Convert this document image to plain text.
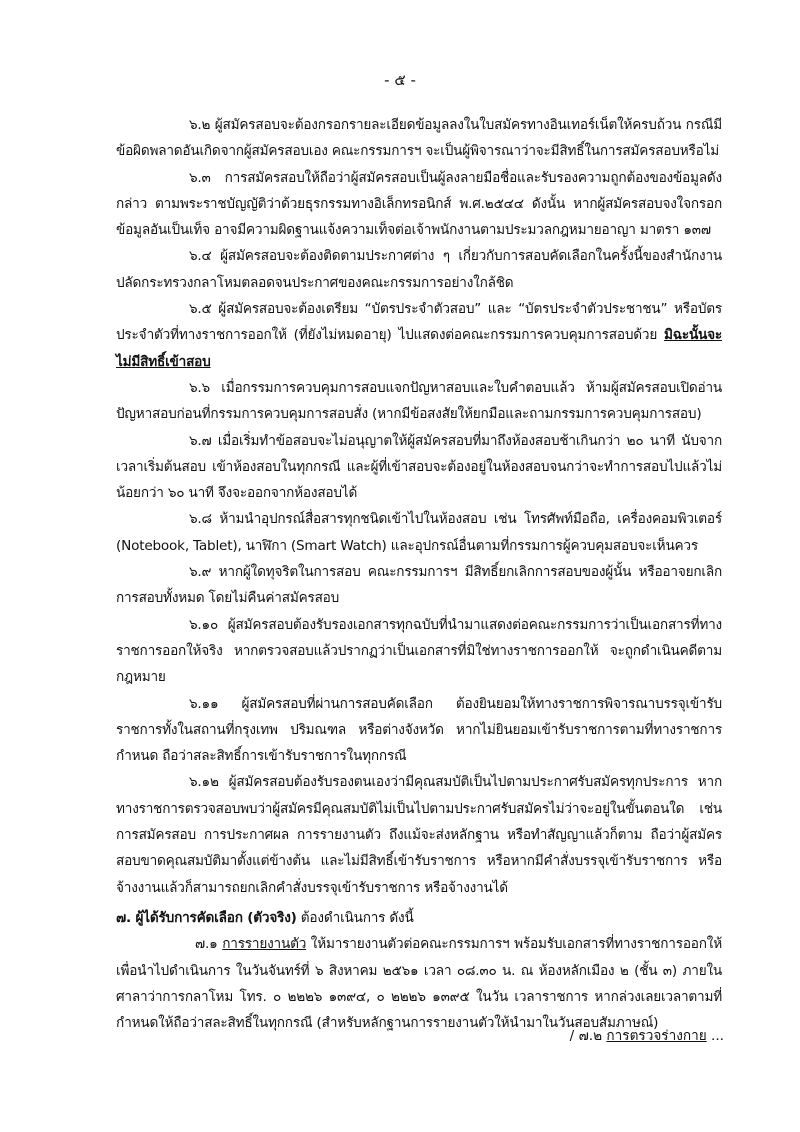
- ๕ -

๖.๒ ผู้สมัครสอบจะต้องกรอกรายละเอียดข้อมูลลงในใบสมัครทางอินเทอร์เน็ตให้ครบถ้วน กรณีมีข้อผิดพลาดอันเกิดจากผู้สมัครสอบเอง คณะกรรมการฯ จะเป็นผู้พิจารณาว่าจะมีสิทธิ์ในการสมัครสอบหรือไม่

๖.๓ การสมัครสอบให้ถือว่าผู้สมัครสอบเป็นผู้ลงลายมือชื่อและรับรองความถูกต้องของข้อมูลดังกล่าว ตามพระราชบัญญัติว่าด้วยธุรกรรมทางอิเล็กทรอนิกส์ พ.ศ.๒๕๔๔ ดังนั้น หากผู้สมัครสอบจงใจกรอกข้อมูลอันเป็นเท็จ อาจมีความผิดฐานแจ้งความเท็จต่อเจ้าพนักงานตามประมวลกฎหมายอาญา มาตรา ๑๓๗

๖.๔ ผู้สมัครสอบจะต้องติดตามประกาศต่าง ๆ เกี่ยวกับการสอบคัดเลือกในครั้งนี้ของสำนักงานปลัดกระทรวงกลาโหมตลอดจนประกาศของคณะกรรมการอย่างใกล้ชิด

๖.๕ ผู้สมัครสอบจะต้องเตรียม “บัตรประจำตัวสอบ” และ “บัตรประจำตัวประชาชน” หรือบัตรประจำตัวที่ทางราชการออกให้ (ที่ยังไม่หมดอายุ) ไปแสดงต่อคณะกรรมการควบคุมการสอบด้วย มิฉะนั้นจะไม่มีสิทธิ์เข้าสอบ

๖.๖ เมื่อกรรมการควบคุมการสอบแจกปัญหาสอบและใบคำตอบแล้ว ห้ามผู้สมัครสอบเปิดอ่านปัญหาสอบก่อนที่กรรมการควบคุมการสอบสั่ง (หากมีข้อสงสัยให้ยกมือและถามกรรมการควบคุมการสอบ)

๖.๗ เมื่อเริ่มทำข้อสอบจะไม่อนุญาตให้ผู้สมัครสอบที่มาถึงห้องสอบช้าเกินกว่า ๒๐ นาที นับจากเวลาเริ่มต้นสอบ เข้าห้องสอบในทุกกรณี และผู้ที่เข้าสอบจะต้องอยู่ในห้องสอบจนกว่าจะทำการสอบไปแล้วไม่น้อยกว่า ๖๐ นาที จึงจะออกจากห้องสอบได้

๖.๘ ห้ามนำอุปกรณ์สื่อสารทุกชนิดเข้าไปในห้องสอบ เช่น โทรศัพท์มือถือ, เครื่องคอมพิวเตอร์ (Notebook, Tablet), นาฬิกา (Smart Watch) และอุปกรณ์อื่นตามที่กรรมการผู้ควบคุมสอบจะเห็นควร

๖.๙ หากผู้ใดทุจริตในการสอบ คณะกรรมการฯ มีสิทธิ์ยกเลิกการสอบของผู้นั้น หรืออาจยกเลิกการสอบทั้งหมด โดยไม่คืนค่าสมัครสอบ

๖.๑๐ ผู้สมัครสอบต้องรับรองเอกสารทุกฉบับที่นำมาแสดงต่อคณะกรรมการว่าเป็นเอกสารที่ทางราชการออกให้จริง หากตรวจสอบแล้วปรากฏว่าเป็นเอกสารที่มิใช่ทางราชการออกให้ จะถูกดำเนินคดีตามกฎหมาย

๖.๑๑ ผู้สมัครสอบที่ผ่านการสอบคัดเลือก ต้องยินยอมให้ทางราชการพิจารณาบรรจุเข้ารับราชการทั้งในสถานที่กรุงเทพ ปริมณฑล หรือต่างจังหวัด หากไม่ยินยอมเข้ารับราชการตามที่ทางราชการกำหนด ถือว่าสละสิทธิ์การเข้ารับราชการในทุกกรณี

๖.๑๒ ผู้สมัครสอบต้องรับรองตนเองว่ามีคุณสมบัติเป็นไปตามประกาศรับสมัครทุกประการ หากทางราชการตรวจสอบพบว่าผู้สมัครมีคุณสมบัติไม่เป็นไปตามประกาศรับสมัครไม่ว่าจะอยู่ในขั้นตอนใด เช่น การสมัครสอบ การประกาศผล การรายงานตัว ถึงแม้จะส่งหลักฐาน หรือทำสัญญาแล้วก็ตาม ถือว่าผู้สมัครสอบขาดคุณสมบัติมาตั้งแต่ข้างต้น และไม่มีสิทธิ์เข้ารับราชการ หรือหากมีคำสั่งบรรจุเข้ารับราชการ หรือจ้างงานแล้วก็สามารถยกเลิกคำสั่งบรรจุเข้ารับราชการ หรือจ้างงานได้

๗. ผู้ได้รับการคัดเลือก (ตัวจริง) ต้องดำเนินการ ดังนี้

๗.๑ การรายงานตัว ให้มารายงานตัวต่อคณะกรรมการฯ พร้อมรับเอกสารที่ทางราชการออกให้เพื่อนำไปดำเนินการ ในวันจันทร์ที่ ๖ สิงหาคม ๒๕๖๑ เวลา ๐๘.๓๐ น. ณ ห้องหลักเมือง ๒ (ชั้น ๓) ภายในศาลาว่าการกลาโหม โทร. ๐ ๒๒๒๖ ๑๓๙๔, ๐ ๒๒๒๖ ๑๓๙๕ ในวัน เวลาราชการ หากล่วงเลยเวลาตามที่กำหนดให้ถือว่าสละสิทธิ์ในทุกกรณี (สำหรับหลักฐานการรายงานตัวให้นำมาในวันสอบสัมภาษณ์)

/ ๗.๒ การตรวจร่างกาย ...
